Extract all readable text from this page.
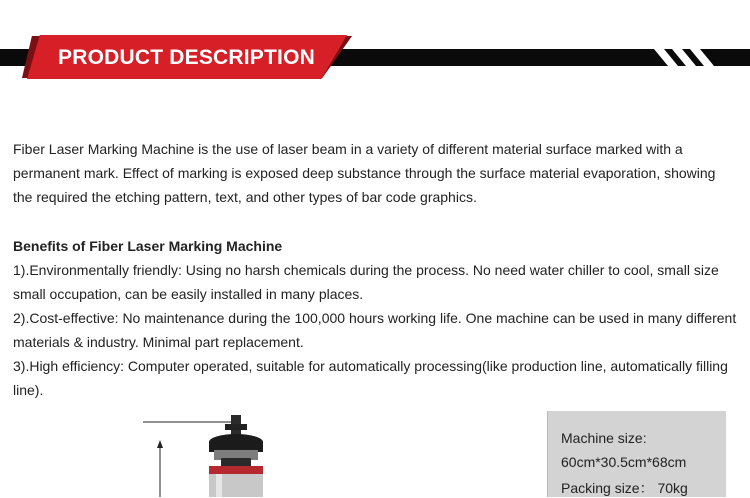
PRODUCT DESCRIPTION

Fiber Laser Marking Machine is the use of laser beam in a variety of different material surface marked with a permanent mark. Effect of marking is exposed deep substance through the surface material evaporation, showing the required the etching pattern, text, and other types of bar code graphics.

Benefits of Fiber Laser Marking Machine

1).Environmentally friendly: Using no harsh chemicals during the process. No need water chiller to cool, small size small occupation, can be easily installed in many places.

2).Cost-effective: No maintenance during the 100,000 hours working life. One machine can be used in many different materials & industry. Minimal part replacement.

3).High efficiency: Computer operated, suitable for automatically processing(like production line, automatically filling line).

Machine size:
60cm*30.5cm*68cm
Packing size： 70kg
